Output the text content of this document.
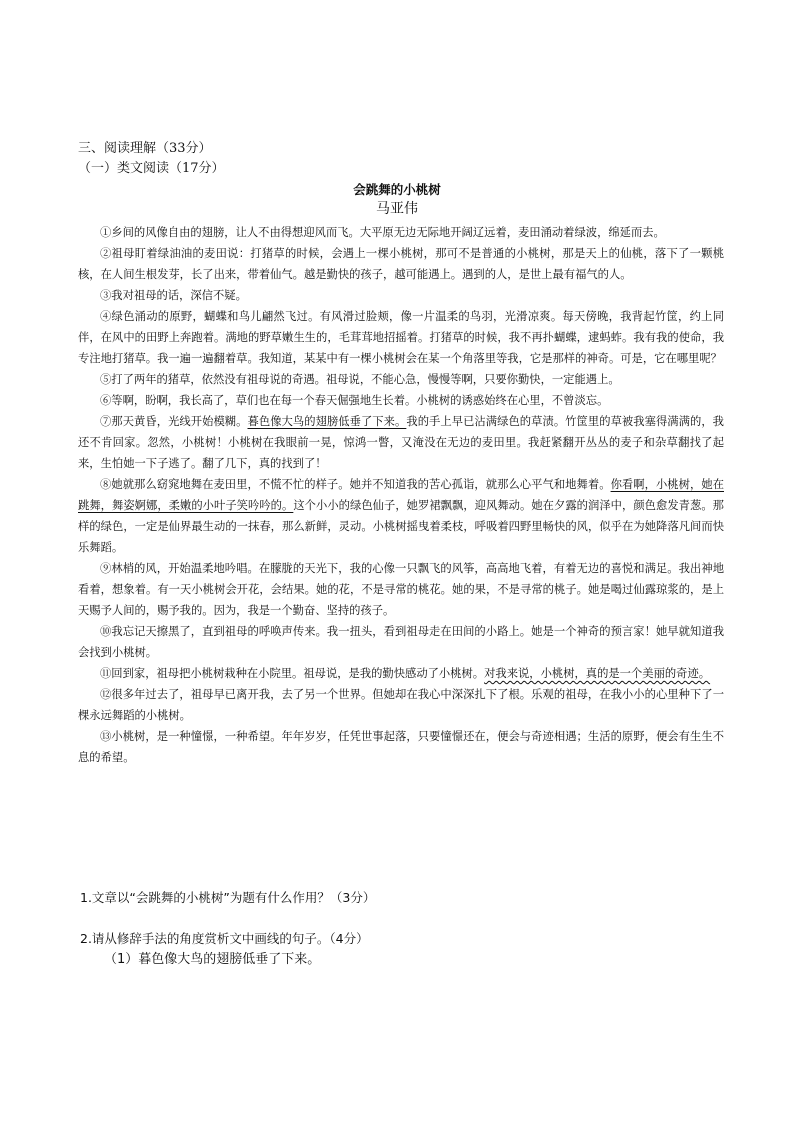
三、阅读理解（33分）
（一）类文阅读（17分）
会跳舞的小桃树
马亚伟

①乡间的风像自由的翅膀，让人不由得想迎风而飞。大平原无边无际地开阔辽远着，麦田涌动着绿波，绵延而去。

②祖母盯着绿油油的麦田说：打猪草的时候，会遇上一棵小桃树，那可不是普通的小桃树，那是天上的仙桃，落下了一颗桃核，在人间生根发芽，长了出来，带着仙气。越是勤快的孩子，越可能遇上。遇到的人，是世上最有福气的人。

③我对祖母的话，深信不疑。

④绿色涌动的原野，蝴蝶和鸟儿翩然飞过。有风滑过脸颊，像一片温柔的鸟羽，光滑凉爽。每天傍晚，我背起竹筐，约上同伴，在风中的田野上奔跑着。满地的野草嫩生生的，毛茸茸地招摇着。打猪草的时候，我不再扑蝴蝶，逮蚂蚱。我有我的使命，我专注地打猪草。我一遍一遍翻着草。我知道，某某中有一棵小桃树会在某一个角落里等我，它是那样的神奇。可是，它在哪里呢？

⑤打了两年的猪草，依然没有祖母说的奇遇。祖母说，不能心急，慢慢等啊，只要你勤快，一定能遇上。

⑥等啊，盼啊，我长高了，草们也在每一个春天倔强地生长着。小桃树的诱惑始终在心里，不曾淡忘。

⑦那天黄昏，光线开始模糊。暮色像大鸟的翅膀低垂了下来。我的手上早已沾满绿色的草渍。竹筐里的草被我塞得满满的，我还不肯回家。忽然，小桃树！小桃树在我眼前一晃，惊鸿一瞥，又淹没在无边的麦田里。我赶紧翻开丛丛的麦子和杂草翻找了起来，生怕她一下子逃了。翻了几下，真的找到了！

⑧她就那么窈窕地舞在麦田里，不慌不忙的样子。她并不知道我的苦心孤诣，就那么心平气和地舞着。你看啊，小桃树，她在跳舞，舞姿婀娜，柔嫩的小叶子笑吟吟的。这个小小的绿色仙子，她罗裙飘飘，迎风舞动。她在夕露的润泽中，颜色愈发青葱。那样的绿色，一定是仙界最生动的一抹春，那么新鲜，灵动。小桃树摇曳着柔枝，呼吸着四野里畅快的风，似乎在为她降落凡间而快乐舞蹈。

⑨林梢的风，开始温柔地吟唱。在朦胧的天光下，我的心像一只飘飞的风筝，高高地飞着，有着无边的喜悦和满足。我出神地看着，想象着。有一天小桃树会开花，会结果。她的花，不是寻常的桃花。她的果，不是寻常的桃子。她是喝过仙露琼浆的，是上天赐予人间的，赐予我的。因为，我是一个勤奋、坚持的孩子。

⑩我忘记天擦黑了，直到祖母的呼唤声传来。我一扭头，看到祖母走在田间的小路上。她是一个神奇的预言家！她早就知道我会找到小桃树。

⑪回到家，祖母把小桃树栽种在小院里。祖母说，是我的勤快感动了小桃树。对我来说，小桃树，真的是一个美丽的奇迹。

⑫很多年过去了，祖母早已离开我，去了另一个世界。但她却在我心中深深扎下了根。乐观的祖母，在我小小的心里种下了一棵永远舞蹈的小桃树。

⑬小桃树，是一种憧憬，一种希望。年年岁岁，任凭世事起落，只要憧憬还在，便会与奇迹相遇；生活的原野，便会有生生不息的希望。

1.文章以“会跳舞的小桃树”为题有什么作用？（3分）
2.请从修辞手法的角度赏析文中画线的句子。（4分）
（1）暮色像大鸟的翅膀低垂了下来。
